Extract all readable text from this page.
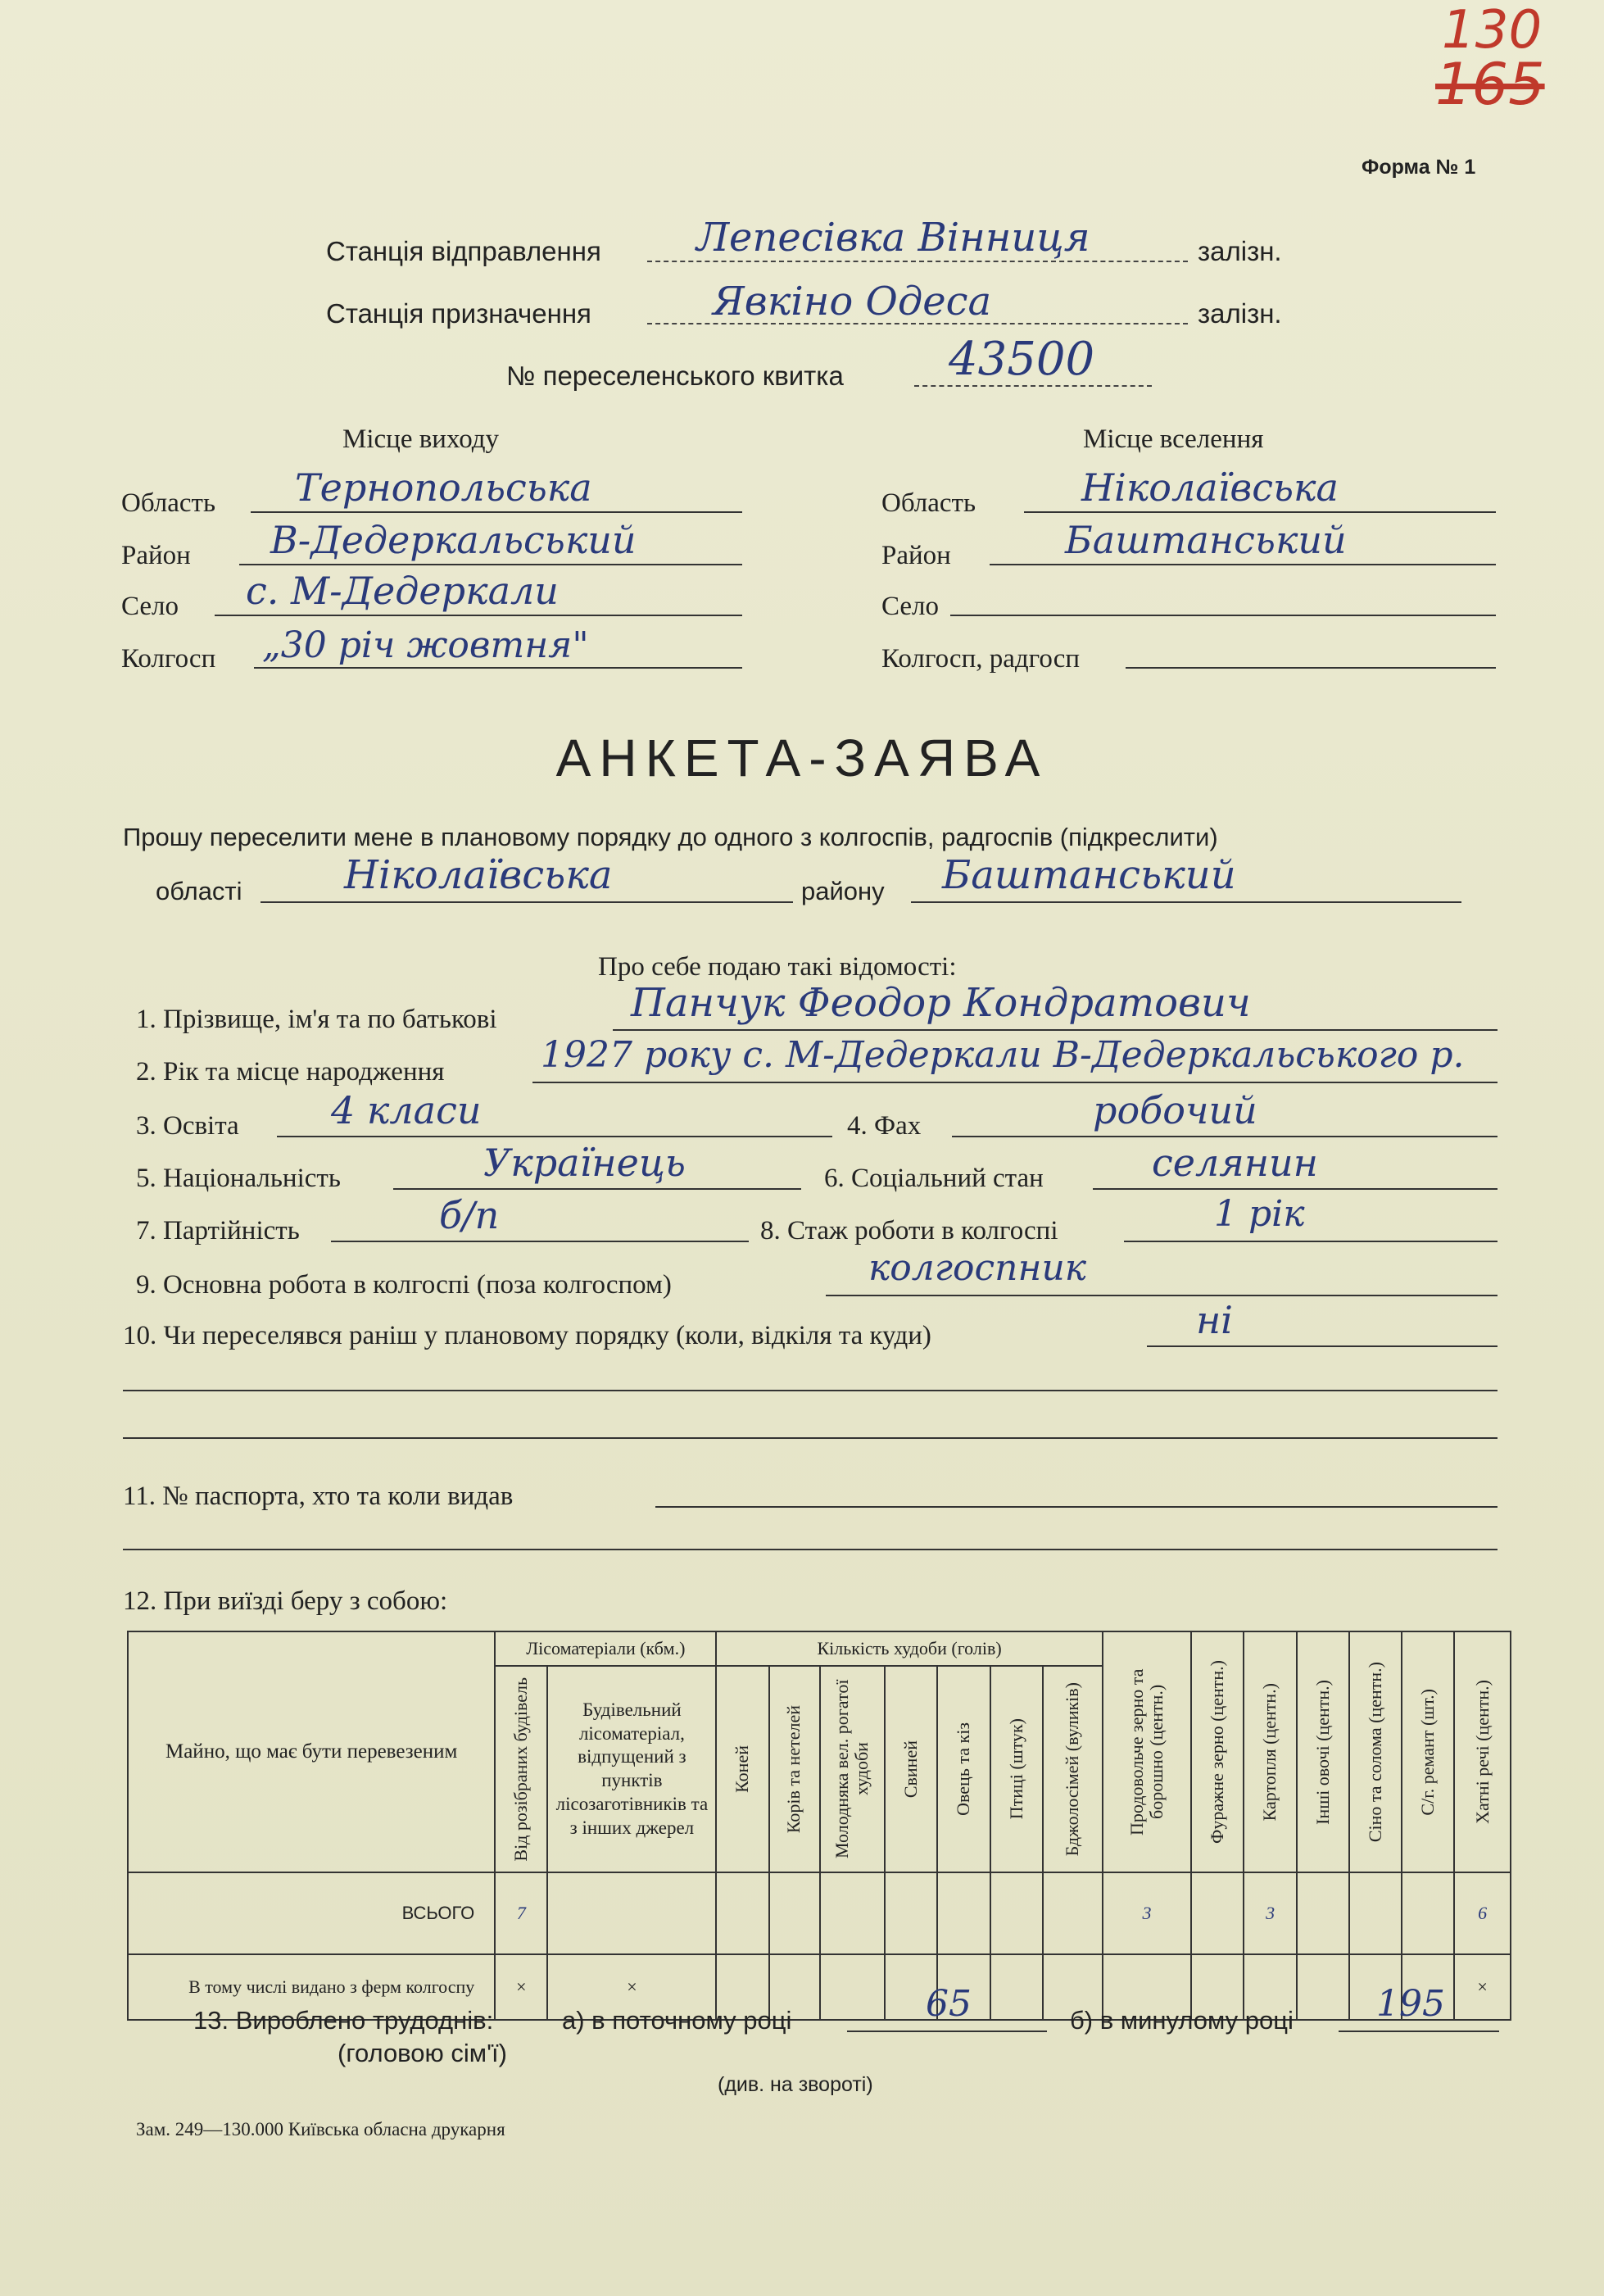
130
165
Форма № 1
Станція відправлення Лепесівка Вінниця	залізн.
Станція призначення	Явкіно Одеса	залізн.
№ переселенського квитка 43500
Місце виходу	Місце вселення
Область Тернопольська
Район В-Дедеркальський
Село с. М-Дедеркали
Колгосп „30 річ жовтня"
Область	Ніколаївська
Район	Баштанський
Село
Колгосп, радгосп
АНКЕТА-ЗАЯВА
Прошу переселити мене в плановому порядку до одного з колгоспів, радгоспів (підкреслити)
області	Ніколаївська	району Баштанський
Про себе подаю такі відомості:
1. Прізвище, ім'я та по батькові	Панчук Феодор Кондратович
2. Рік та місце народження	1927 року с. М-Дедеркали В-Дедеркальського р.
3. Освіта 4 класи	4. Фах	робочий
5. Національність	Українець	6. Соціальний стан	селянин
7. Партійність	б/п	8. Стаж роботи в колгоспі	1 рік
9. Основна робота в колгоспі (поза колгоспом)	колгоспник
10. Чи переселявся раніш у плановому порядку (коли, відкіля та куди)	ні
11. № паспорта, хто та коли видав
12. При виїзді беру з собою:
Майно, що має бути перевезеним	Лісоматеріали (кбм.)		Кількість худоби (голів)							Продовольче зерно та борошно (центн.)	Фуражне зерно (центн.)	Картопля (центн.)	Інші овочі (центн.)	Сіно та солома (центн.)	С/г. ремант (шт.)	Хатні речі (центн.)

	Від розібраних будівель	Будівельний лісоматеріал, відпущений з пунктів лісозаготівників та з інших джерел	Коней	Корів та нетелей	Молодняка вел. рогатої худоби	Свиней	Овець та кіз	Птиці (штук)	Бджолосімей (вуликів)							

ВСЬОГО	7									3		3				6
В тому числі видано з ферм колгоспу	×	×														×
13. Вироблено трудоднів:
(головою сім'ї)
а) в поточному році	65	б) в минулому році 195
(див. на звороті)
Зам. 249—130.000 Київська обласна друкарня
